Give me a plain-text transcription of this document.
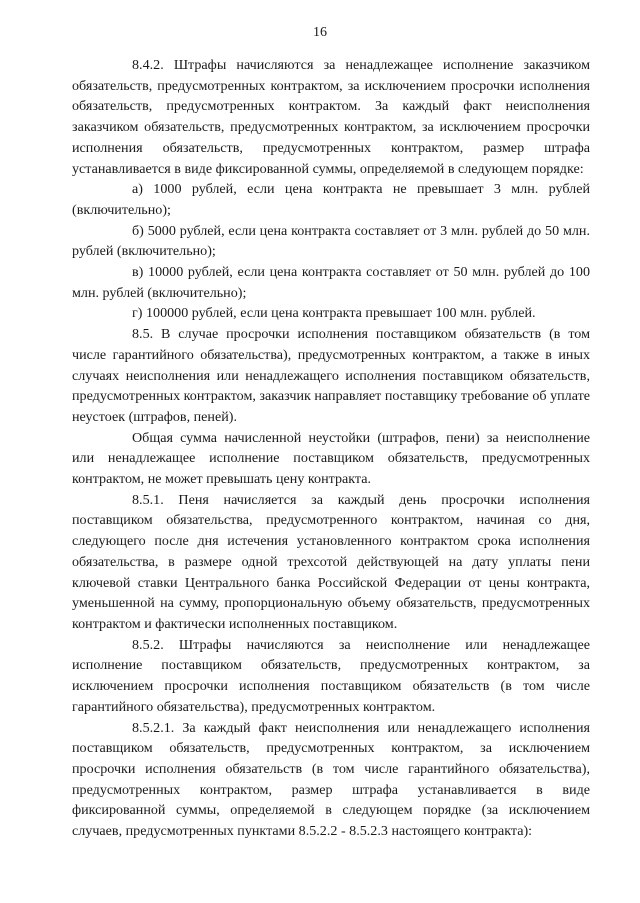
16

8.4.2. Штрафы начисляются за ненадлежащее исполнение заказчиком обязательств, предусмотренных контрактом, за исключением просрочки исполнения обязательств, предусмотренных контрактом. За каждый факт неисполнения заказчиком обязательств, предусмотренных контрактом, за исключением просрочки исполнения обязательств, предусмотренных контрактом, размер штрафа устанавливается в виде фиксированной суммы, определяемой в следующем порядке:

а) 1000 рублей, если цена контракта не превышает 3 млн. рублей (включительно);

б) 5000 рублей, если цена контракта составляет от 3 млн. рублей до 50 млн. рублей (включительно);

в) 10000 рублей, если цена контракта составляет от 50 млн. рублей до 100 млн. рублей (включительно);

г) 100000 рублей, если цена контракта превышает 100 млн. рублей.

8.5. В случае просрочки исполнения поставщиком обязательств (в том числе гарантийного обязательства), предусмотренных контрактом, а также в иных случаях неисполнения или ненадлежащего исполнения поставщиком обязательств, предусмотренных контрактом, заказчик направляет поставщику требование об уплате неустоек (штрафов, пеней).

Общая сумма начисленной неустойки (штрафов, пени) за неисполнение или ненадлежащее исполнение поставщиком обязательств, предусмотренных контрактом, не может превышать цену контракта.

8.5.1. Пеня начисляется за каждый день просрочки исполнения поставщиком обязательства, предусмотренного контрактом, начиная со дня, следующего после дня истечения установленного контрактом срока исполнения обязательства, в размере одной трехсотой действующей на дату уплаты пени ключевой ставки Центрального банка Российской Федерации от цены контракта, уменьшенной на сумму, пропорциональную объему обязательств, предусмотренных контрактом и фактически исполненных поставщиком.

8.5.2. Штрафы начисляются за неисполнение или ненадлежащее исполнение поставщиком обязательств, предусмотренных контрактом, за исключением просрочки исполнения поставщиком обязательств (в том числе гарантийного обязательства), предусмотренных контрактом.

8.5.2.1. За каждый факт неисполнения или ненадлежащего исполнения поставщиком обязательств, предусмотренных контрактом, за исключением просрочки исполнения обязательств (в том числе гарантийного обязательства), предусмотренных контрактом, размер штрафа устанавливается в виде фиксированной суммы, определяемой в следующем порядке (за исключением случаев, предусмотренных пунктами 8.5.2.2 - 8.5.2.3 настоящего контракта):
